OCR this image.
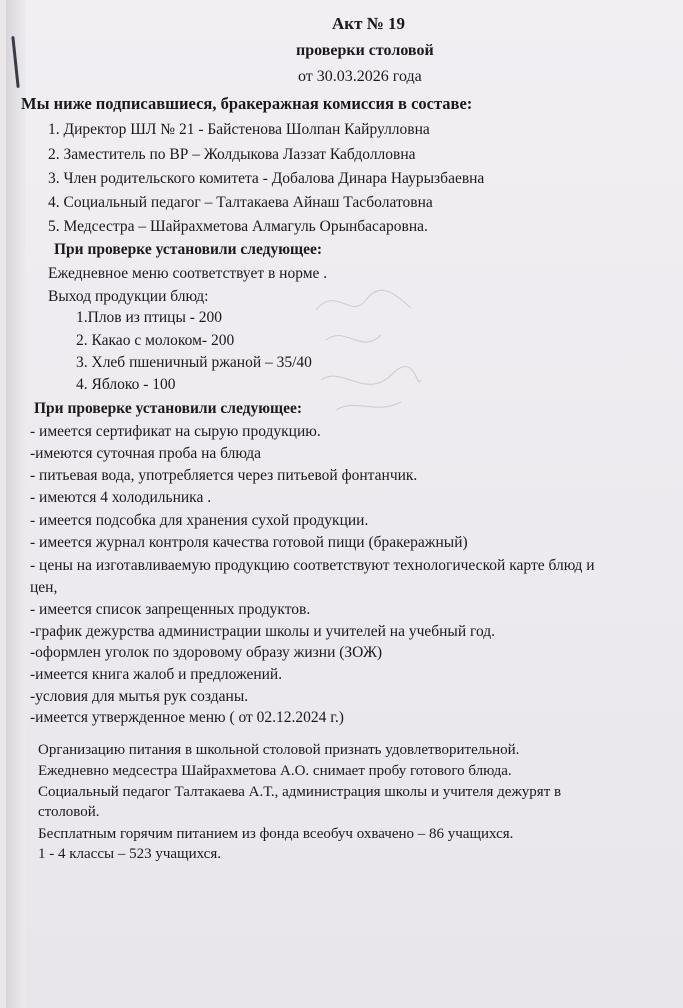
Акт № 19
проверки столовой
от 30.03.2026 года
Мы ниже подписавшиеся, бракеражная комиссия в составе:
1. Директор ШЛ № 21 - Байстенова Шолпан Кайрулловна
2. Заместитель по ВР – Жолдыкова Лаззат Кабдолловна
3. Член родительского комитета - Добалова Динара Наурызбаевна
4. Социальный педагог – Талтакаева Айнаш Тасболатовна
5. Медсестра – Шайрахметова Алмагуль Орынбасаровна.
При проверке установили следующее:
Ежедневное меню соответствует в норме .
Выход продукции блюд:
1.Плов из птицы - 200
2. Какао с молоком- 200
3. Хлеб пшеничный ржаной – 35/40
4. Яблоко - 100
При проверке установили следующее:
- имеется сертификат на сырую продукцию.
-имеются суточная проба на блюда
- питьевая вода, употребляется через питьевой фонтанчик.
- имеются 4 холодильника .
- имеется подсобка для хранения сухой продукции.
- имеется журнал контроля качества готовой пищи (бракеражный)
- цены на изготавливаемую продукцию соответствуют технологической карте блюд и
цен,
- имеется список запрещенных продуктов.
-график дежурства администрации школы и учителей на учебный год.
-оформлен уголок по здоровому образу жизни (ЗОЖ)
-имеется книга жалоб и предложений.
-условия для мытья рук созданы.
-имеется утвержденное меню ( от 02.12.2024 г.)
Организацию питания в школьной столовой признать удовлетворительной.
Ежедневно медсестра Шайрахметова А.О. снимает пробу готового блюда.
Социальный педагог Талтакаева А.Т., администрация школы и учителя дежурят в
столовой.
Бесплатным горячим питанием из фонда всеобуч охвачено – 86 учащихся.
1 - 4 классы – 523 учащихся.
